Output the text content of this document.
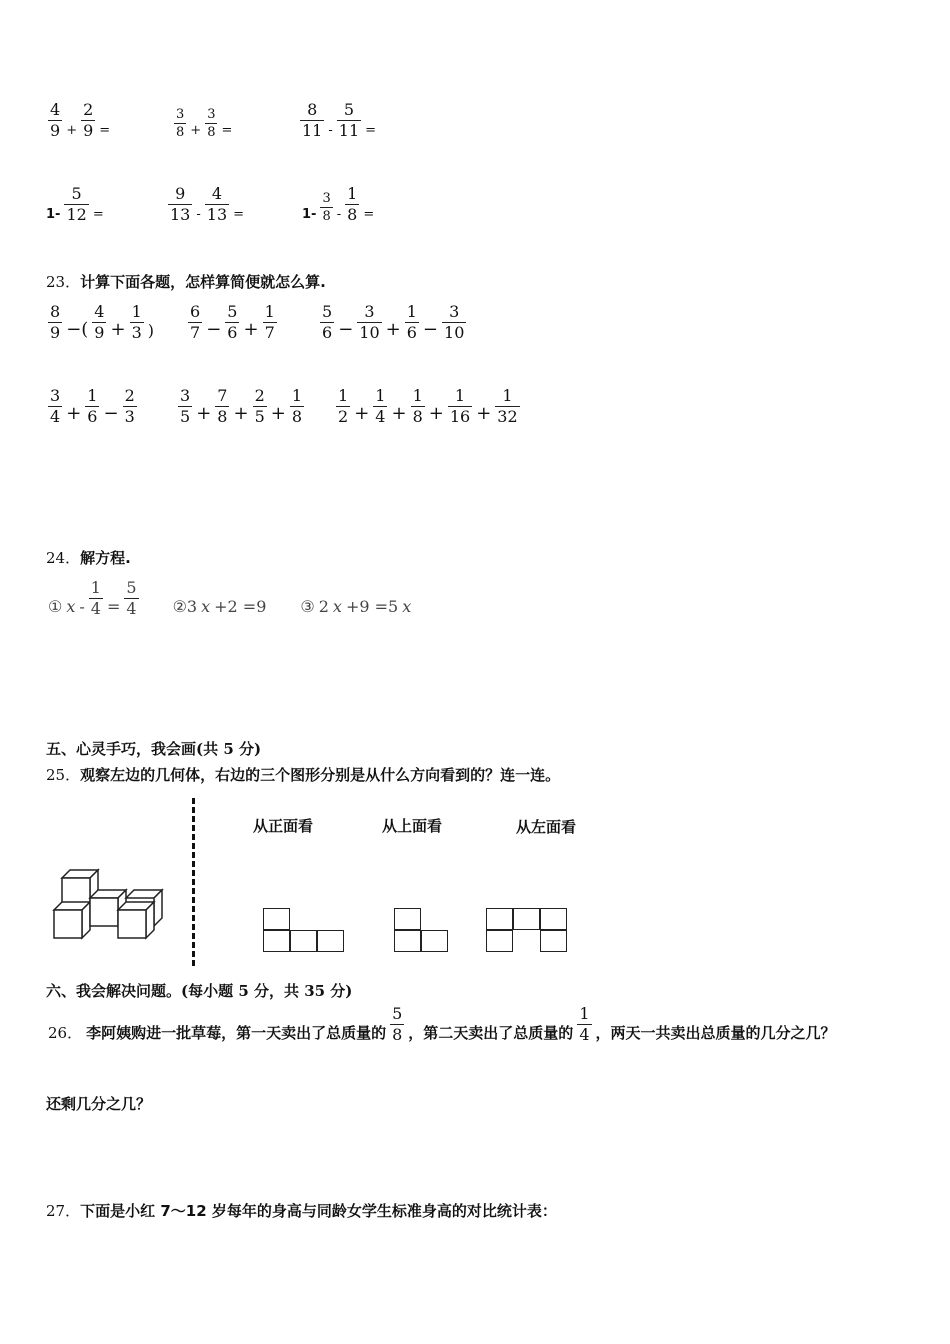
$\frac{4}{9} + \frac{2}{9}$ =	$\frac{3}{8} + \frac{3}{8}$ =	$\frac{8}{11} - \frac{5}{11}$ =
$1- \frac{5}{12}$ =	$\frac{9}{13} - \frac{4}{13}$ =	$1- \frac{3}{8} - \frac{1}{8}$ =
23．计算下面各题，怎样算简便就怎么算.
$\frac{8}{9}$ −( $\frac{4}{9} + \frac{1}{3}$ ) $\frac{6}{7} - \frac{5}{6} + \frac{1}{7}$	$\frac{5}{6} - \frac{3}{10} + \frac{1}{6} - \frac{3}{10}$
$\frac{3}{4} + \frac{1}{6} - \frac{2}{3}$	$\frac{3}{5} + \frac{7}{8} + \frac{2}{5} + \frac{1}{8} \frac{1}{2} + \frac{1}{4} + \frac{1}{8} + \frac{1}{16} + \frac{1}{32}$
24．解方程.
① $x - \frac{1}{4} = \frac{5}{4}$ ②3 x +2 =9 ③ 2 x +9 =5 x
五、心灵手巧，我会画(共 5 分)
25．观察左边的几何体，右边的三个图形分别是从什么方向看到的？连一连。
从正面看	从上面看	从左面看
六、我会解决问题。(每小题 5 分，共 35 分)
26． 李阿姨购进一批草莓，第一天卖出了总质量的 $\frac{5}{8}$ ，第二天卖出了总质量的 $\frac{1}{4}$ ，两天一共卖出总质量的几分之几？
还剩几分之几？
27．下面是小红 7～12 岁每年的身高与同龄女学生标准身高的对比统计表：
